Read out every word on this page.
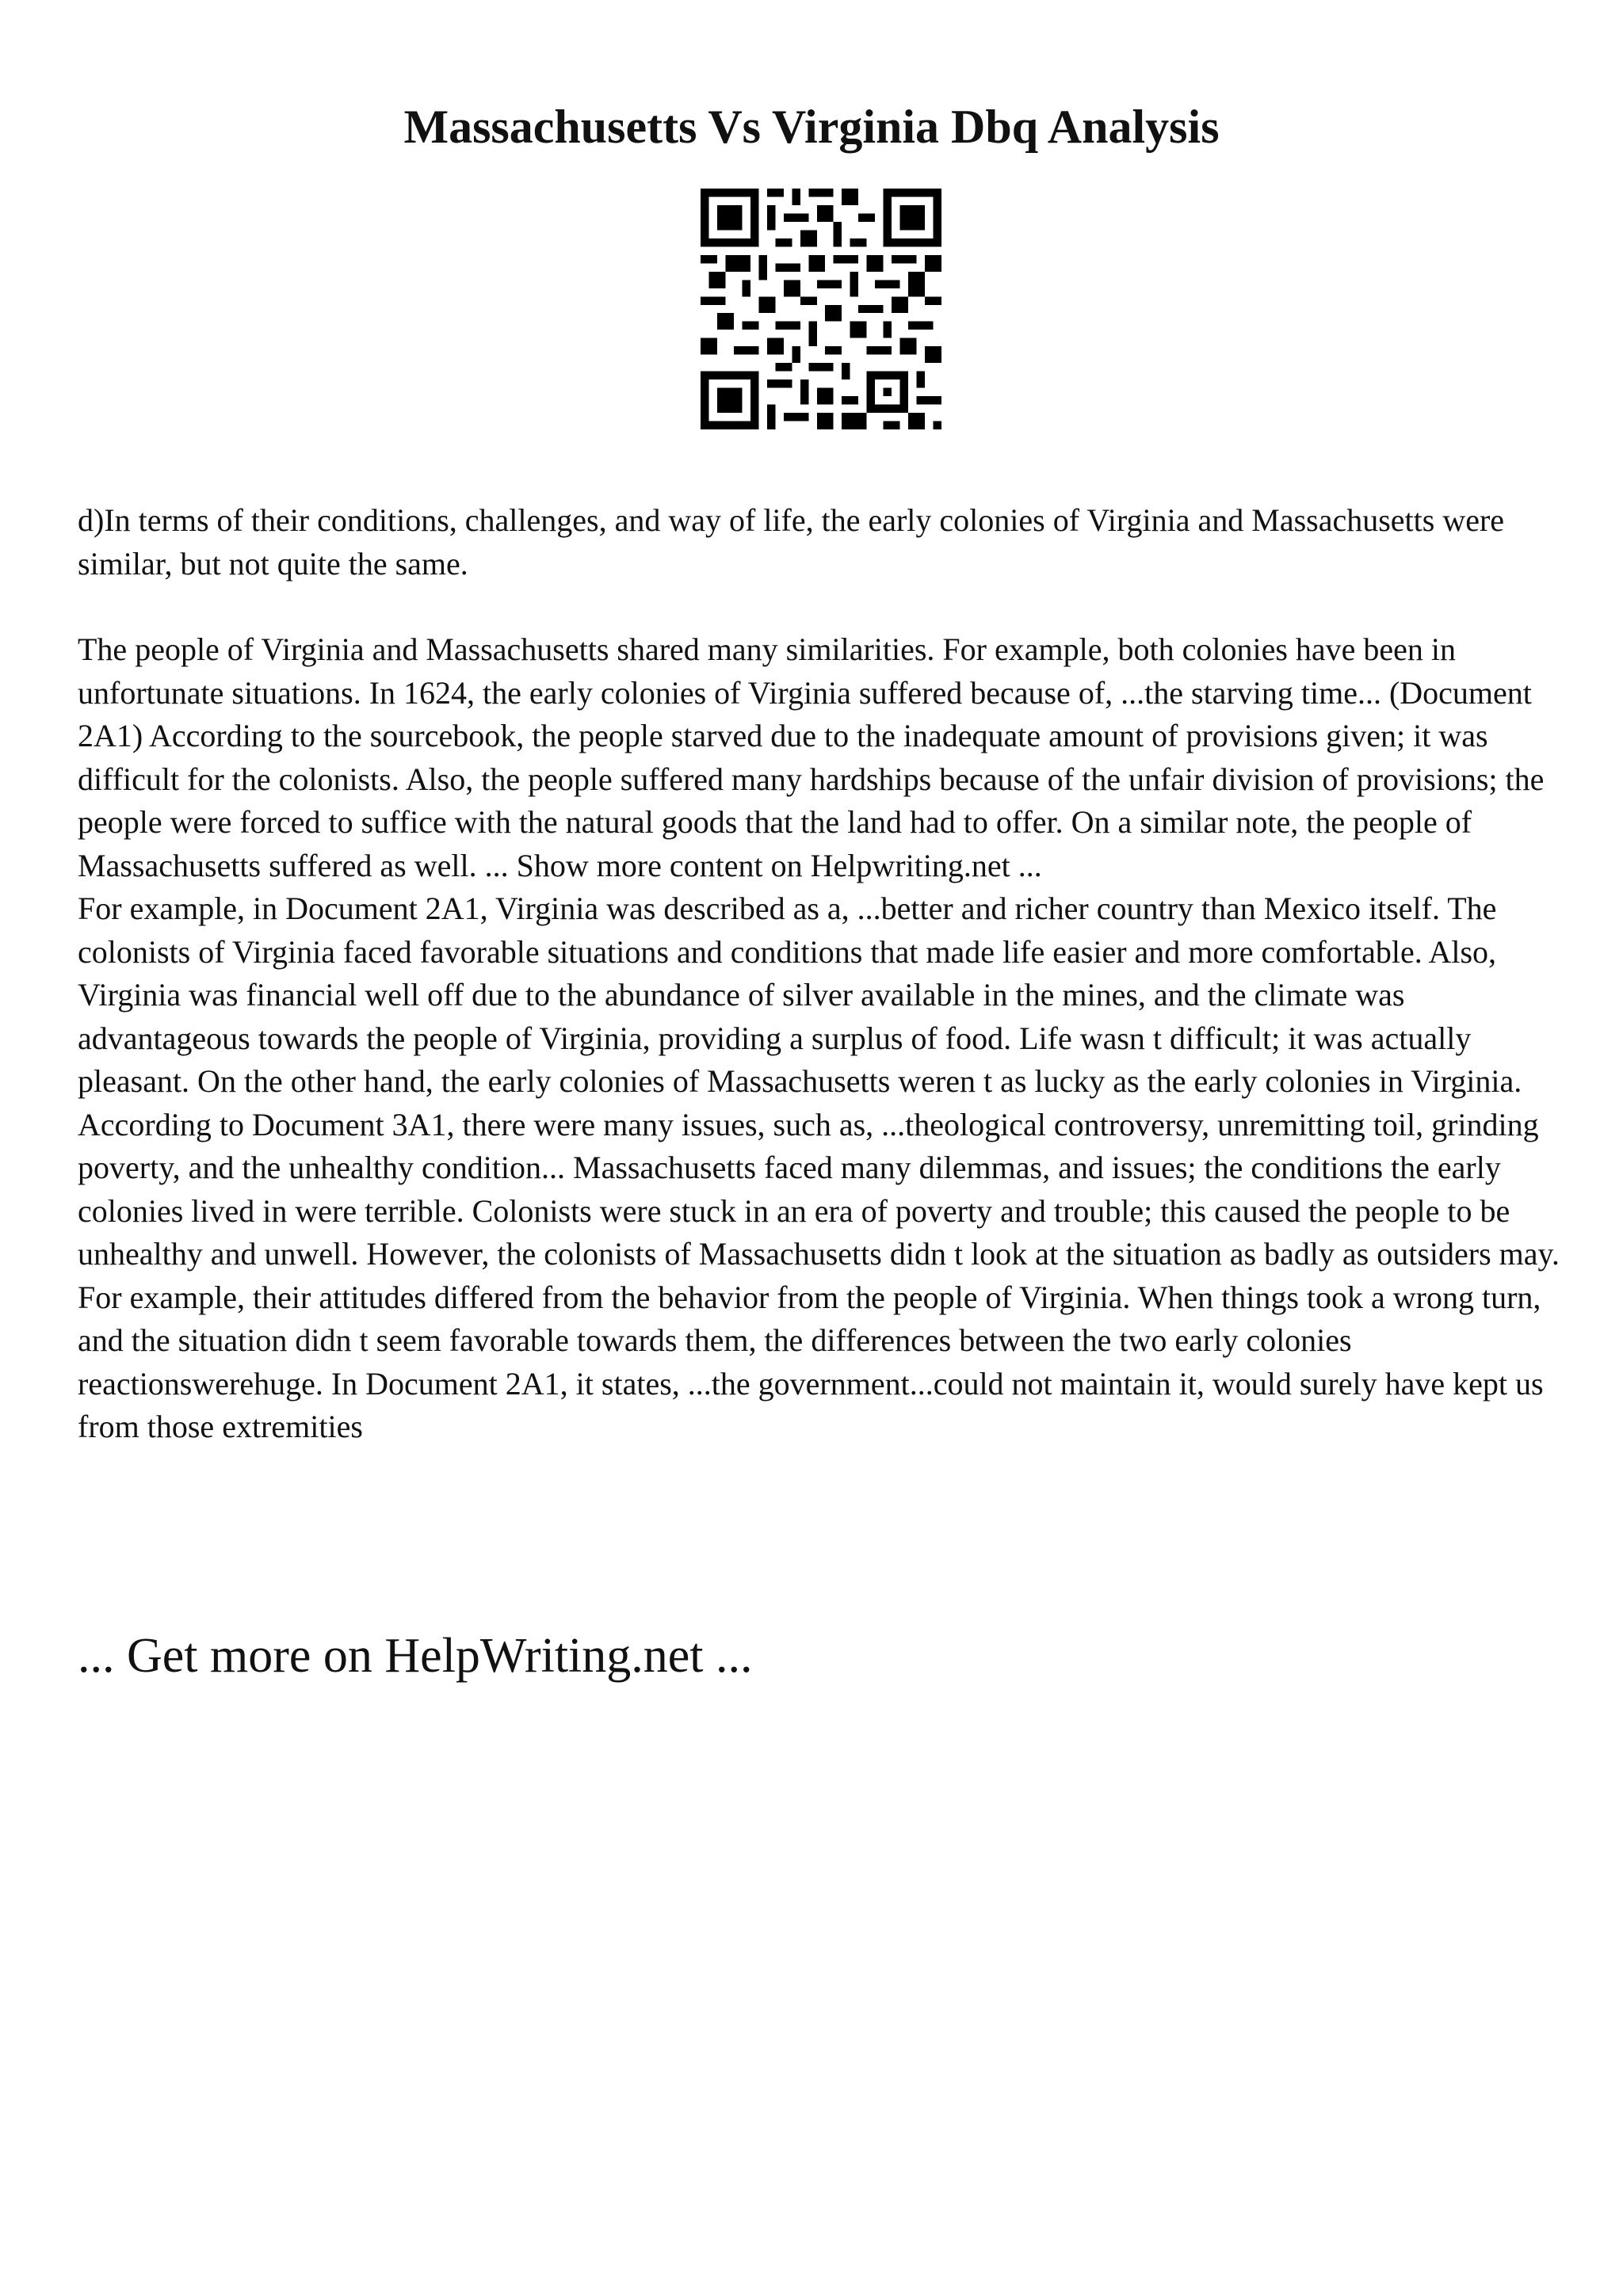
Massachusetts Vs Virginia Dbq Analysis

d)In terms of their conditions, challenges, and way of life, the early colonies of Virginia and Massachusetts were similar, but not quite the same.

The people of Virginia and Massachusetts shared many similarities. For example, both colonies have been in unfortunate situations. In 1624, the early colonies of Virginia suffered because of, ...the starving time... (Document 2A1) According to the sourcebook, the people starved due to the inadequate amount of provisions given; it was difficult for the colonists. Also, the people suffered many hardships because of the unfair division of provisions; the people were forced to suffice with the natural goods that the land had to offer. On a similar note, the people of Massachusetts suffered as well. ... Show more content on Helpwriting.net ...

For example, in Document 2A1, Virginia was described as a, ...better and richer country than Mexico itself. The colonists of Virginia faced favorable situations and conditions that made life easier and more comfortable. Also, Virginia was financial well off due to the abundance of silver available in the mines, and the climate was advantageous towards the people of Virginia, providing a surplus of food. Life wasn t difficult; it was actually pleasant. On the other hand, the early colonies of Massachusetts weren t as lucky as the early colonies in Virginia. According to Document 3A1, there were many issues, such as, ...theological controversy, unremitting toil, grinding poverty, and the unhealthy condition... Massachusetts faced many dilemmas, and issues; the conditions the early colonies lived in were terrible. Colonists were stuck in an era of poverty and trouble; this caused the people to be unhealthy and unwell. However, the colonists of Massachusetts didn t look at the situation as badly as outsiders may. For example, their attitudes differed from the behavior from the people of Virginia. When things took a wrong turn, and the situation didn t seem favorable towards them, the differences between the two early colonies reactionswerehuge. In Document 2A1, it states, ...the government...could not maintain it, would surely have kept us from those extremities

... Get more on HelpWriting.net ...
